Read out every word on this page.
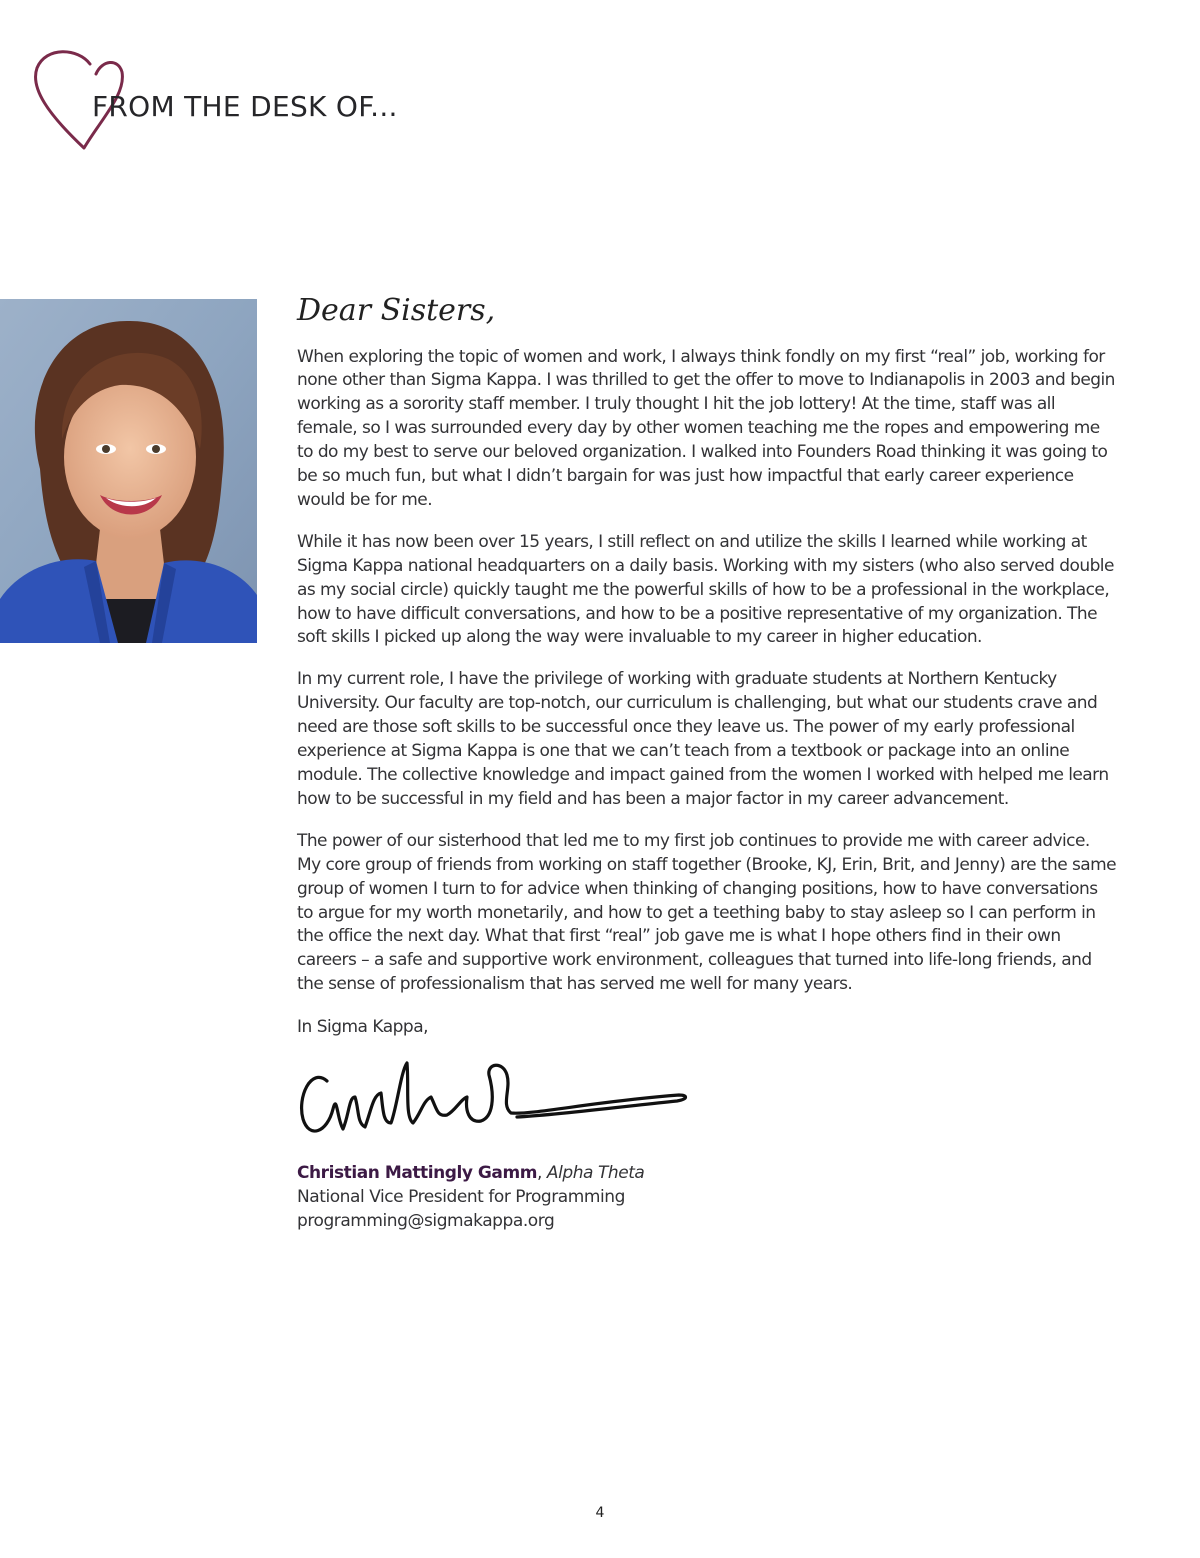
FROM THE DESK OF...

Dear Sisters,

When exploring the topic of women and work, I always think fondly on my first “real” job, working for none other than Sigma Kappa. I was thrilled to get the offer to move to Indianapolis in 2003 and begin working as a sorority staff member. I truly thought I hit the job lottery! At the time, staff was all female, so I was surrounded every day by other women teaching me the ropes and empowering me to do my best to serve our beloved organization. I walked into Founders Road thinking it was going to be so much fun, but what I didn’t bargain for was just how impactful that early career experience would be for me.

While it has now been over 15 years, I still reflect on and utilize the skills I learned while working at Sigma Kappa national headquarters on a daily basis. Working with my sisters (who also served double as my social circle) quickly taught me the powerful skills of how to be a professional in the workplace, how to have difficult conversations, and how to be a positive representative of my organization. The soft skills I picked up along the way were invaluable to my career in higher education.

In my current role, I have the privilege of working with graduate students at Northern Kentucky University. Our faculty are top-notch, our curriculum is challenging, but what our students crave and need are those soft skills to be successful once they leave us. The power of my early professional experience at Sigma Kappa is one that we can’t teach from a textbook or package into an online module. The collective knowledge and impact gained from the women I worked with helped me learn how to be successful in my field and has been a major factor in my career advancement.

The power of our sisterhood that led me to my first job continues to provide me with career advice. My core group of friends from working on staff together (Brooke, KJ, Erin, Brit, and Jenny) are the same group of women I turn to for advice when thinking of changing positions, how to have conversations to argue for my worth monetarily, and how to get a teething baby to stay asleep so I can perform in the office the next day. What that first “real” job gave me is what I hope others find in their own careers – a safe and supportive work environment, colleagues that turned into life-long friends, and the sense of professionalism that has served me well for many years.

In Sigma Kappa,

Christian Mattingly Gamm, Alpha Theta
National Vice President for Programming
programming@sigmakappa.org
4
